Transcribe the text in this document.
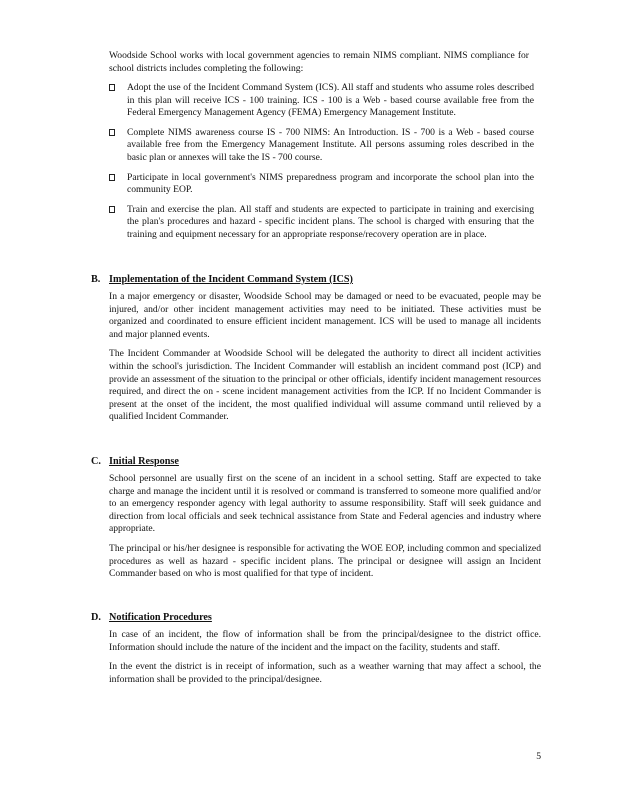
Woodside School works with local government agencies to remain NIMS compliant. NIMS compliance for school districts includes completing the following:

Adopt the use of the Incident Command System (ICS). All staff and students who assume roles described in this plan will receive ICS - 100 training. ICS - 100 is a Web - based course available free from the Federal Emergency Management Agency (FEMA) Emergency Management Institute.
Complete NIMS awareness course IS - 700 NIMS: An Introduction. IS - 700 is a Web - based course available free from the Emergency Management Institute. All persons assuming roles described in the basic plan or annexes will take the IS - 700 course.
Participate in local government's NIMS preparedness program and incorporate the school plan into the community EOP.
Train and exercise the plan. All staff and students are expected to participate in training and exercising the plan's procedures and hazard - specific incident plans. The school is charged with ensuring that the training and equipment necessary for an appropriate response/recovery operation are in place.
B. Implementation of the Incident Command System (ICS)

In a major emergency or disaster, Woodside School may be damaged or need to be evacuated, people may be injured, and/or other incident management activities may need to be initiated. These activities must be organized and coordinated to ensure efficient incident management. ICS will be used to manage all incidents and major planned events.

The Incident Commander at Woodside School will be delegated the authority to direct all incident activities within the school's jurisdiction. The Incident Commander will establish an incident command post (ICP) and provide an assessment of the situation to the principal or other officials, identify incident management resources required, and direct the on - scene incident management activities from the ICP. If no Incident Commander is present at the onset of the incident, the most qualified individual will assume command until relieved by a qualified Incident Commander.

C. Initial Response

School personnel are usually first on the scene of an incident in a school setting. Staff are expected to take charge and manage the incident until it is resolved or command is transferred to someone more qualified and/or to an emergency responder agency with legal authority to assume responsibility. Staff will seek guidance and direction from local officials and seek technical assistance from State and Federal agencies and industry where appropriate.

The principal or his/her designee is responsible for activating the WOE EOP, including common and specialized procedures as well as hazard - specific incident plans. The principal or designee will assign an Incident Commander based on who is most qualified for that type of incident.

D. Notification Procedures

In case of an incident, the flow of information shall be from the principal/designee to the district office. Information should include the nature of the incident and the impact on the facility, students and staff.

In the event the district is in receipt of information, such as a weather warning that may affect a school, the information shall be provided to the principal/designee.

5
